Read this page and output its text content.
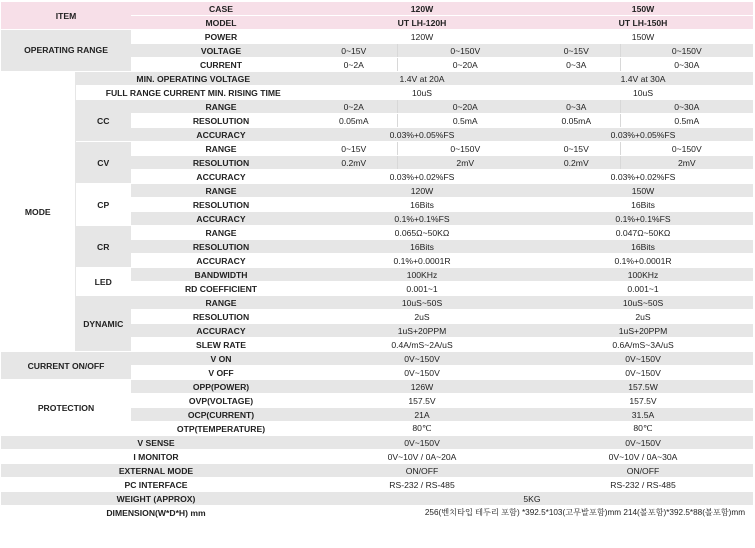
ITEM		CASE	120W		150W	
		MODEL	UT LH-120H		UT LH-150H	
OPERATING RANGE		POWER	120W		150W	
		VOLTAGE	0~15V	0~150V	0~15V	0~150V
		CURRENT	0~2A	0~20A	0~3A	0~30A
MODE	MIN. OPERATING VOLTAGE		1.4V at 20A		1.4V at 30A	
	FULL RANGE CURRENT MIN. RISING TIME		10uS		10uS	
	CC	RANGE	0~2A	0~20A	0~3A	0~30A
		RESOLUTION	0.05mA	0.5mA	0.05mA	0.5mA
		ACCURACY	0.03%+0.05%FS		0.03%+0.05%FS	
	CV	RANGE	0~15V	0~150V	0~15V	0~150V
		RESOLUTION	0.2mV	2mV	0.2mV	2mV
		ACCURACY	0.03%+0.02%FS		0.03%+0.02%FS	
	CP	RANGE	120W		150W	
		RESOLUTION	16Bits		16Bits	
		ACCURACY	0.1%+0.1%FS		0.1%+0.1%FS	
	CR	RANGE	0.065Ω~50KΩ		0.047Ω~50KΩ	
		RESOLUTION	16Bits		16Bits	
		ACCURACY	0.1%+0.0001R		0.1%+0.0001R	
	LED	BANDWIDTH	100KHz		100KHz	
		RD COEFFICIENT	0.001~1		0.001~1	
	DYNAMIC	RANGE	10uS~50S		10uS~50S	
		RESOLUTION	2uS		2uS	
		ACCURACY	1uS+20PPM		1uS+20PPM	
		SLEW RATE	0.4A/mS~2A/uS		0.6A/mS~3A/uS	
CURRENT ON/OFF		V ON	0V~150V		0V~150V	
		V OFF	0V~150V		0V~150V	
PROTECTION		OPP(POWER)	126W		157.5W	
		OVP(VOLTAGE)	157.5V		157.5V	
		OCP(CURRENT)	21A		31.5A	
		OTP(TEMPERATURE)	80℃		80℃	
V SENSE			0V~150V		0V~150V	
I MONITOR			0V~10V / 0A~20A		0V~10V / 0A~30A	
EXTERNAL MODE			ON/OFF		ON/OFF	
PC INTERFACE			RS-232 / RS-485		RS-232 / RS-485	
WEIGHT (APPROX)			5KG			
DIMENSION(W*D*H) mm			256(벤치타입 테두리 포함) *392.5*103(고무발포함)mm 214(볼포함)*392.5*88(볼포함)mm			
